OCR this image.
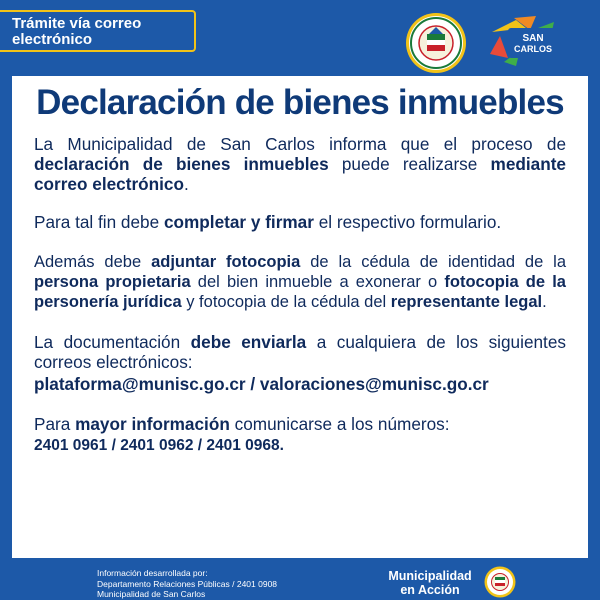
Trámite vía correo
electrónico	SAN
CARLOS
Declaración de bienes inmuebles

La Municipalidad de San Carlos informa que el proceso de declaración de bienes inmuebles puede realizarse mediante correo electrónico.

Para tal fin debe completar y firmar el respectivo formulario.

Además debe adjuntar fotocopia de la cédula de identidad de la persona propietaria del bien inmueble a exonerar o fotocopia de la personería jurídica y fotocopia de la cédula del representante legal.

La documentación debe enviarla a cualquiera de los siguientes correos electrónicos:

plataforma@munisc.go.cr / valoraciones@munisc.go.cr

Para mayor información comunicarse a los números:

2401 0961 / 2401 0962 / 2401 0968.

Información desarrollada por:
Departamento Relaciones Públicas / 2401 0908
Municipalidad de San Carlos
Municipalidad
en Acción
